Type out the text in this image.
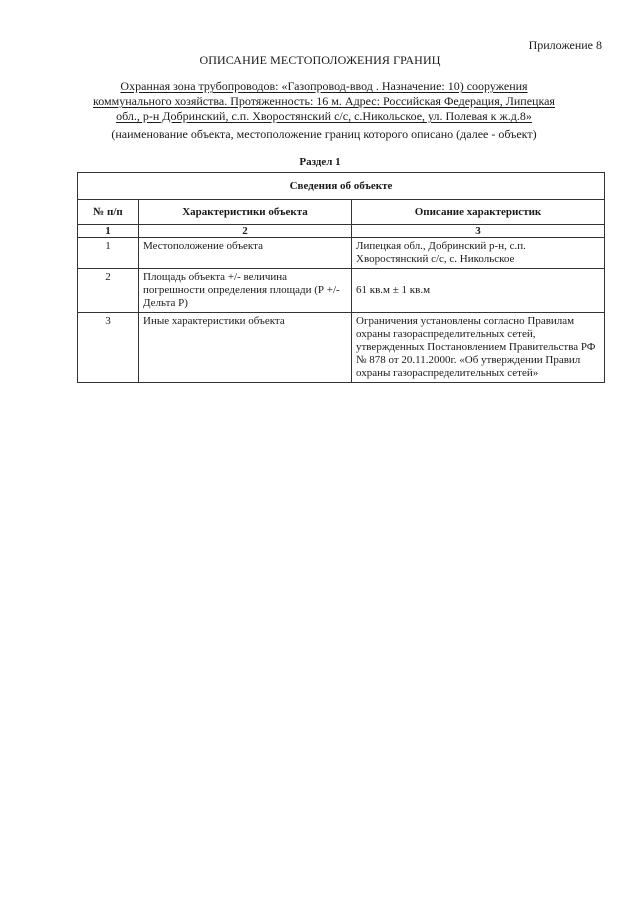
Приложение 8
ОПИСАНИЕ МЕСТОПОЛОЖЕНИЯ ГРАНИЦ
Охранная зона трубопроводов: «Газопровод-ввод . Назначение: 10) сооружения
коммунального хозяйства. Протяженность: 16 м. Адрес: Российская Федерация, Липецкая
обл., р-н Добринский, с.п. Хворостянский с/с, с.Никольское, ул. Полевая к ж.д.8»
(наименование объекта, местоположение границ которого описано (далее - объект)
Раздел 1
Сведения об объекте		
№ п/п	Характеристики объекта	Описание характеристик
1	2	3
1	Местоположение объекта	Липецкая обл., Добринский р-н, с.п. Хворостянский с/с, с. Никольское
2	Площадь объекта +/- величина погрешности определения площади (Р +/- Дельта Р)	61 кв.м ± 1 кв.м
3	Иные характеристики объекта	Ограничения установлены согласно Правилам охраны газораспределительных сетей, утвержденных Постановлением Правительства РФ № 878 от 20.11.2000г. «Об утверждении Правил охраны газораспределительных сетей»
